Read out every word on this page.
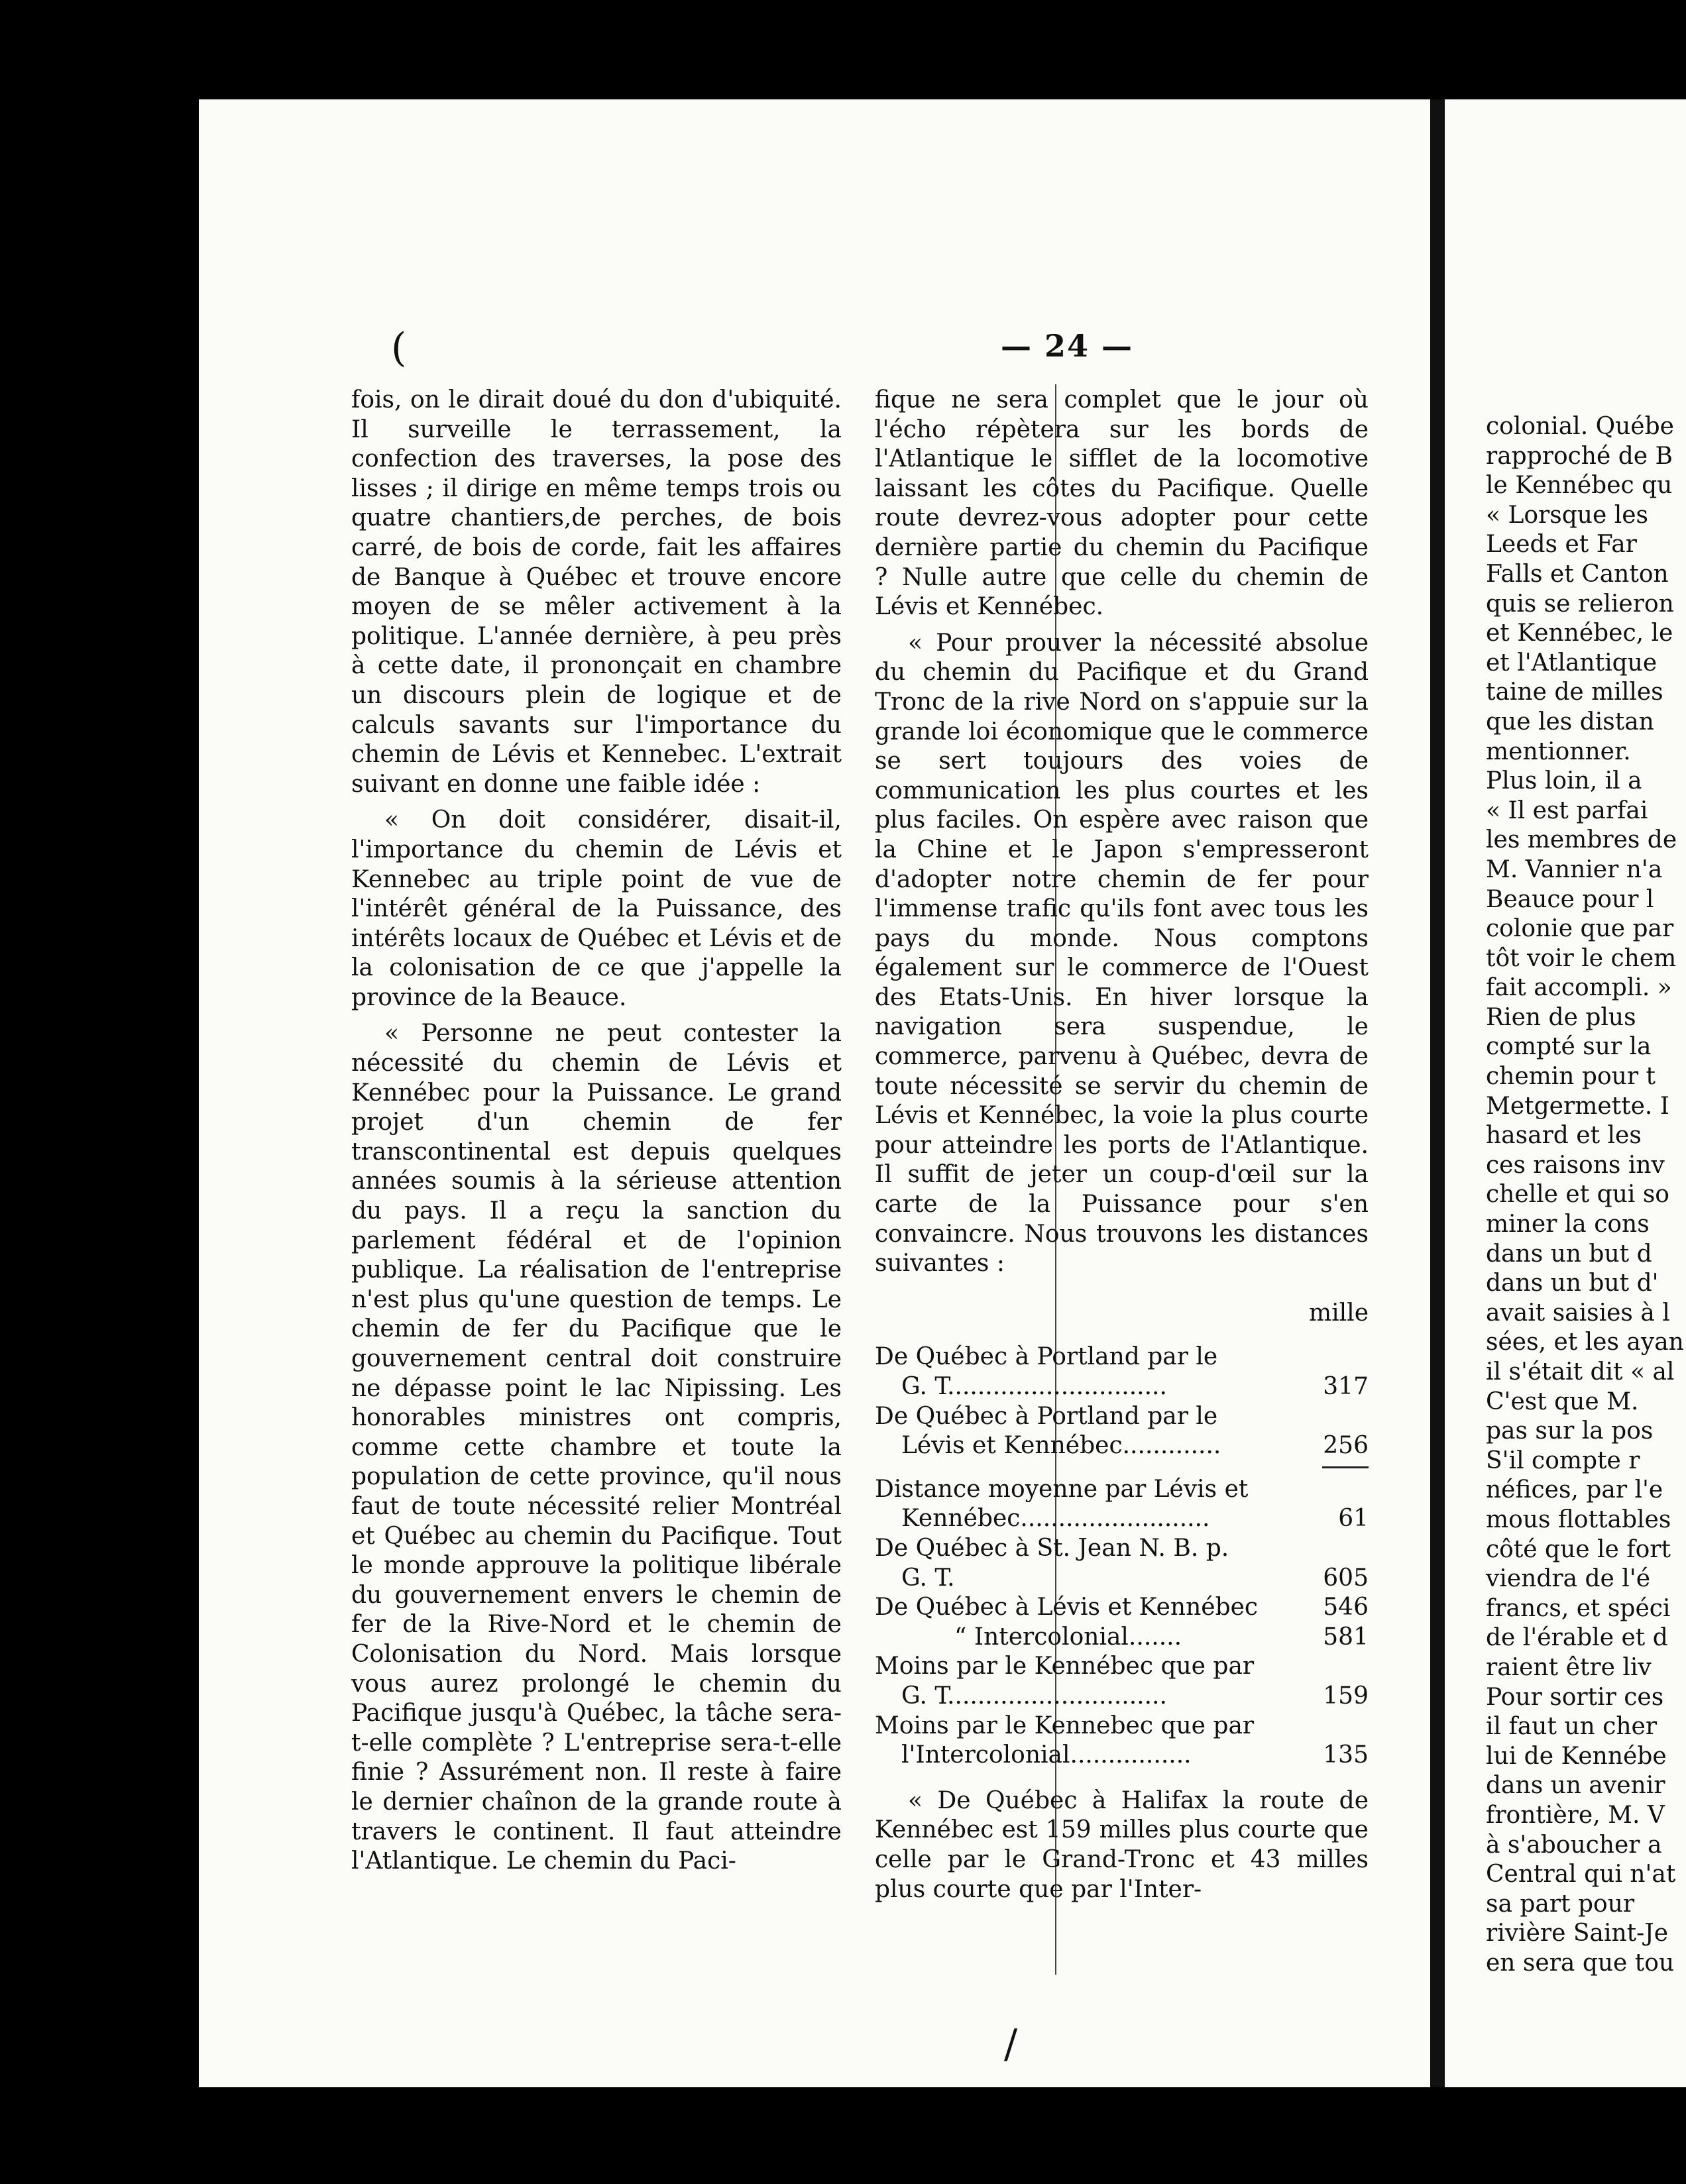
— 24 —
(

fois, on le dirait doué du don d'ubiquité. Il surveille le terrassement, la confection des traverses, la pose des lisses ; il dirige en même temps trois ou quatre chantiers,de perches, de bois carré, de bois de corde, fait les affaires de Banque à Québec et trouve encore moyen de se mêler activement à la politique. L'année dernière, à peu près à cette date, il prononçait en chambre un discours plein de logique et de calculs savants sur l'importance du chemin de Lévis et Kennebec. L'extrait suivant en donne une faible idée :

« On doit considérer, disait-il, l'importance du chemin de Lévis et Kennebec au triple point de vue de l'intérêt général de la Puissance, des intérêts locaux de Québec et Lévis et de la colonisation de ce que j'appelle la province de la Beauce.

« Personne ne peut contester la nécessité du chemin de Lévis et Kennébec pour la Puissance. Le grand projet d'un chemin de fer transcontinental est depuis quelques années soumis à la sérieuse attention du pays. Il a reçu la sanction du parlement fédéral et de l'opinion publique. La réalisation de l'entreprise n'est plus qu'une question de temps. Le chemin de fer du Pacifique que le gouvernement central doit construire ne dépasse point le lac Nipissing. Les honorables ministres ont compris, comme cette chambre et toute la population de cette province, qu'il nous faut de toute nécessité relier Montréal et Québec au chemin du Pacifique. Tout le monde approuve la politique libérale du gouvernement envers le chemin de fer de la Rive-Nord et le chemin de Colonisation du Nord. Mais lorsque vous aurez prolongé le chemin du Pacifique jusqu'à Québec, la tâche sera-t-elle complète ? L'entreprise sera-t-elle finie ? Assurément non. Il reste à faire le dernier chaînon de la grande route à travers le continent. Il faut atteindre l'Atlantique. Le chemin du Paci-

fique ne sera complet que le jour où l'écho répètera sur les bords de l'Atlantique le sifflet de la locomotive laissant les côtes du Pacifique. Quelle route devrez-vous adopter pour cette dernière partie du chemin du Pacifique ? Nulle autre que celle du chemin de Lévis et Kennébec.

« Pour prouver la nécessité absolue du chemin du Pacifique et du Grand Tronc de la rive Nord on s'appuie sur la grande loi économique que le commerce se sert toujours des voies de communication les plus courtes et les plus faciles. On espère avec raison que la Chine et le Japon s'empresseront d'adopter notre chemin de fer pour l'immense trafic qu'ils font avec tous les pays du monde. Nous comptons également sur le commerce de l'Ouest des Etats-Unis. En hiver lorsque la navigation sera suspendue, le commerce, parvenu à Québec, devra de toute nécessité se servir du chemin de Lévis et Kennébec, la voie la plus courte pour atteindre les ports de l'Atlantique. Il suffit de jeter un coup-d'œil sur la carte de la Puissance pour s'en convaincre. Nous trouvons les distances suivantes :

mille
De Québec à Portland par le	
G. T.............................	317
De Québec à Portland par le	
Lévis et Kennébec.............	256

Distance moyenne par Lévis et	
Kennébec.........................	61
De Québec à St. Jean N. B. p.	
G. T.	605
De Québec à Lévis et Kennébec	546
“ Intercolonial.......	581
Moins par le Kennébec que par	
G. T.............................	159
Moins par le Kennebec que par	
l'Intercolonial................	135

« De Québec à Halifax la route de Kennébec est 159 milles plus courte que celle par le Grand-Tronc et 43 milles plus courte que par l'Inter-

/

colonial. Québe

rapproché de B

le Kennébec qu

« Lorsque les

Leeds et Far

Falls et Canton

quis se relieron

et Kennébec, le

et l'Atlantique

taine de milles

que les distan

mentionner.

Plus loin, il a

« Il est parfai

les membres de

M. Vannier n'a

Beauce pour l

colonie que par

tôt voir le chem

fait accompli. »

Rien de plus

compté sur la

chemin pour t

Metgermette. I

hasard et les

ces raisons inv

chelle et qui so

miner la cons

dans un but d

dans un but d'

avait saisies à l

sées, et les ayan

il s'était dit « al

C'est que M.

pas sur la pos

S'il compte r

néfices, par l'e

mous flottables

côté que le fort

viendra de l'é

francs, et spéci

de l'érable et d

raient être liv

Pour sortir ces

il faut un cher

lui de Kennébe

dans un avenir

frontière, M. V

à s'aboucher a

Central qui n'at

sa part pour

rivière Saint-Je

en sera que tou
